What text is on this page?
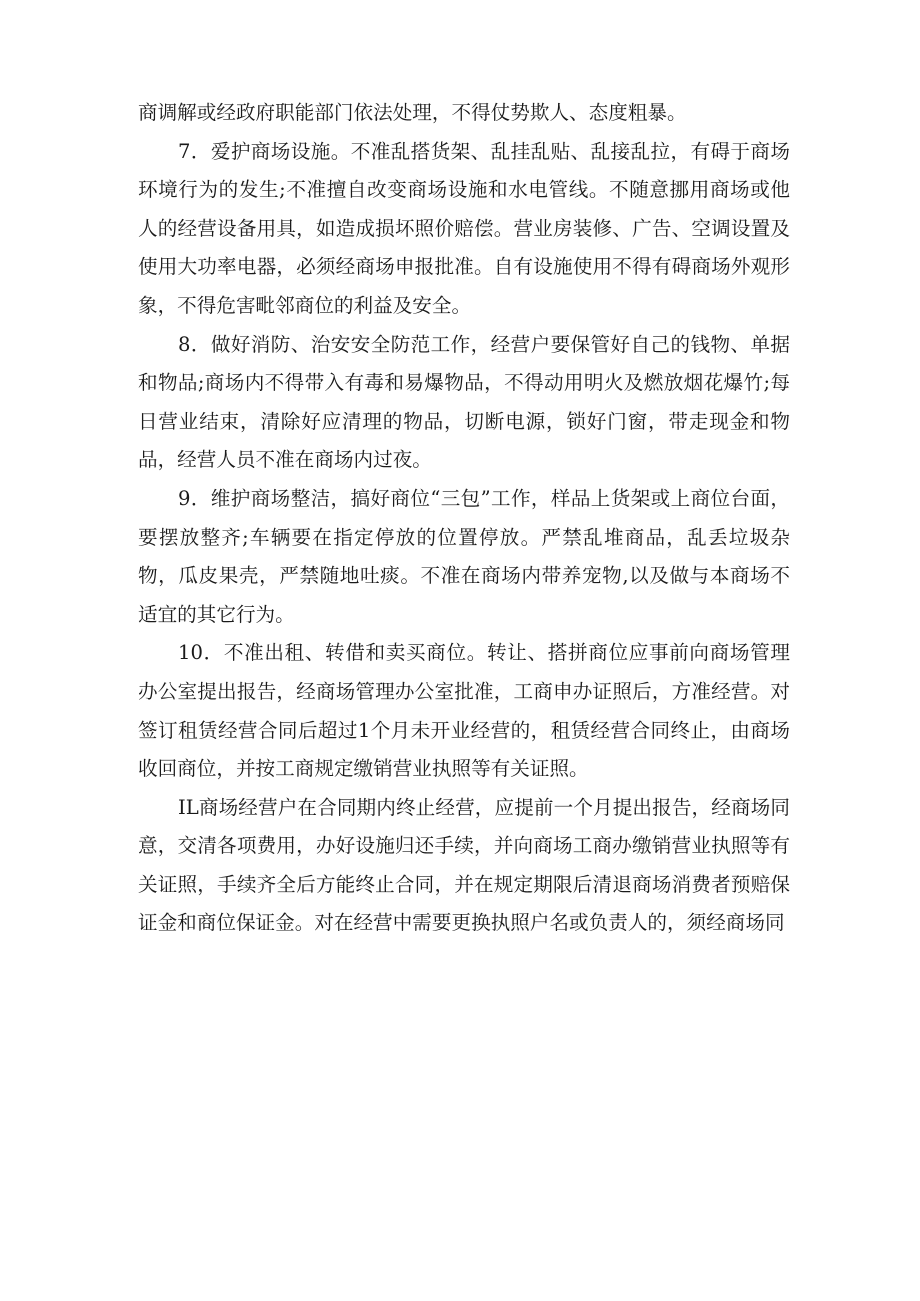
商调解或经政府职能部门依法处理，不得仗势欺人、态度粗暴。

7．爱护商场设施。不准乱搭货架、乱挂乱贴、乱接乱拉，有碍于商场环境行为的发生;不准擅自改变商场设施和水电管线。不随意挪用商场或他人的经营设备用具，如造成损坏照价赔偿。营业房装修、广告、空调设置及使用大功率电器，必须经商场申报批准。自有设施使用不得有碍商场外观形象，不得危害毗邻商位的利益及安全。

8．做好消防、治安安全防范工作，经营户要保管好自己的钱物、单据和物品;商场内不得带入有毒和易爆物品，不得动用明火及燃放烟花爆竹;每日营业结束，清除好应清理的物品，切断电源，锁好门窗，带走现金和物品，经营人员不准在商场内过夜。

9．维护商场整洁，搞好商位“三包”工作，样品上货架或上商位台面，要摆放整齐;车辆要在指定停放的位置停放。严禁乱堆商品，乱丢垃圾杂物，瓜皮果壳，严禁随地吐痰。不准在商场内带养宠物,以及做与本商场不适宜的其它行为。

10．不准出租、转借和卖买商位。转让、搭拼商位应事前向商场管理办公室提出报告，经商场管理办公室批准，工商申办证照后，方准经营。对签订租赁经营合同后超过1个月未开业经营的，租赁经营合同终止，由商场收回商位，并按工商规定缴销营业执照等有关证照。

IL商场经营户在合同期内终止经营，应提前一个月提出报告，经商场同意，交清各项费用，办好设施归还手续，并向商场工商办缴销营业执照等有关证照，手续齐全后方能终止合同，并在规定期限后清退商场消费者预赔保证金和商位保证金。对在经营中需要更换执照户名或负责人的，须经商场同
